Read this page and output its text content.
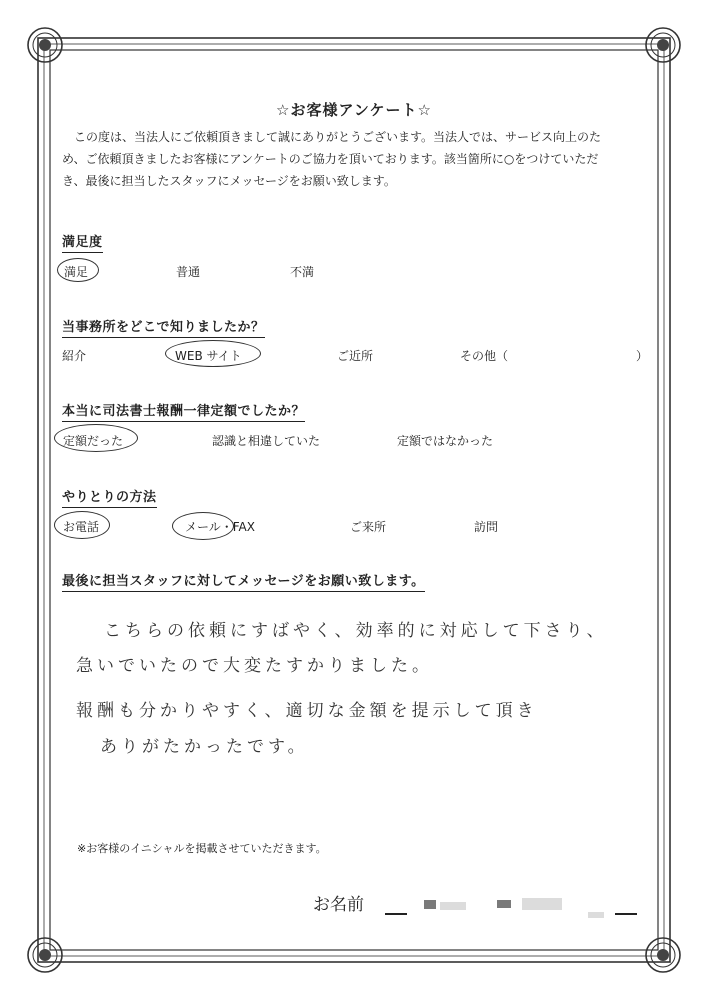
☆お客様アンケート☆
この度は、当法人にご依頼頂きまして誠にありがとうございます。当法人では、サービス向上のた
め、ご依頼頂きましたお客様にアンケートのご協力を頂いております。該当箇所に○をつけていただ
き、最後に担当したスタッフにメッセージをお願い致します。
満足度
満足	普通	不満
当事務所をどこで知りましたか？
紹介	WEB サイト	ご近所	その他（	）
本当に司法書士報酬一律定額でしたか？
定額だった	認識と相違していた	定額ではなかった
やりとりの方法
お電話	メール・FAX	ご来所	訪問
最後に担当スタッフに対してメッセージをお願い致します。
こちらの依頼にすばやく、効率的に対応して下さり、
急いでいたので大変たすかりました。
報酬も分かりやすく、適切な金額を提示して頂き
ありがたかったです。
※お客様のイニシャルを掲載させていただきます。
お名前
